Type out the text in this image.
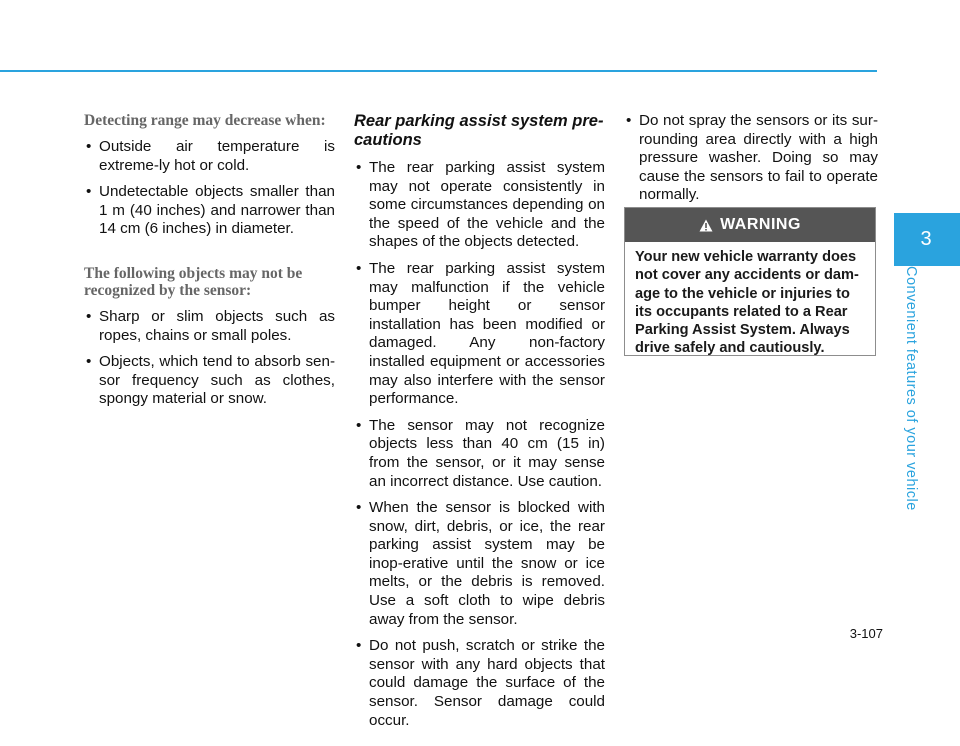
Detecting range may decrease when:
• Outside air temperature is extreme-ly hot or cold.
• Undetectable objects smaller than 1 m (40 inches) and narrower than 14 cm (6 inches) in diameter.
The following objects may not be
recognized by the sensor:
• Sharp or slim objects such as ropes, chains or small poles.
• Objects, which tend to absorb sen-sor frequency such as clothes, spongy material or snow.
Rear parking assist system pre-
cautions
• The rear parking assist system may not operate consistently in some circumstances depending on the speed of the vehicle and the shapes of the objects detected.
• The rear parking assist system may malfunction if the vehicle bumper height or sensor installation has been modified or damaged. Any non-factory installed equipment or accessories may also interfere with the sensor performance.
• The sensor may not recognize objects less than 40 cm (15 in) from the sensor, or it may sense an incorrect distance. Use caution.
• When the sensor is blocked with snow, dirt, debris, or ice, the rear parking assist system may be inop-erative until the snow or ice melts, or the debris is removed. Use a soft cloth to wipe debris away from the sensor.
• Do not push, scratch or strike the sensor with any hard objects that could damage the surface of the sensor. Sensor damage could occur.
• Do not spray the sensors or its sur-rounding area directly with a high pressure washer. Doing so may cause the sensors to fail to operate normally.
WARNING
Your new vehicle warranty does not cover any accidents or dam-age to the vehicle or injuries to its occupants related to a Rear Parking Assist System. Always drive safely and cautiously.
3
Convenient features of your vehicle
3-107
